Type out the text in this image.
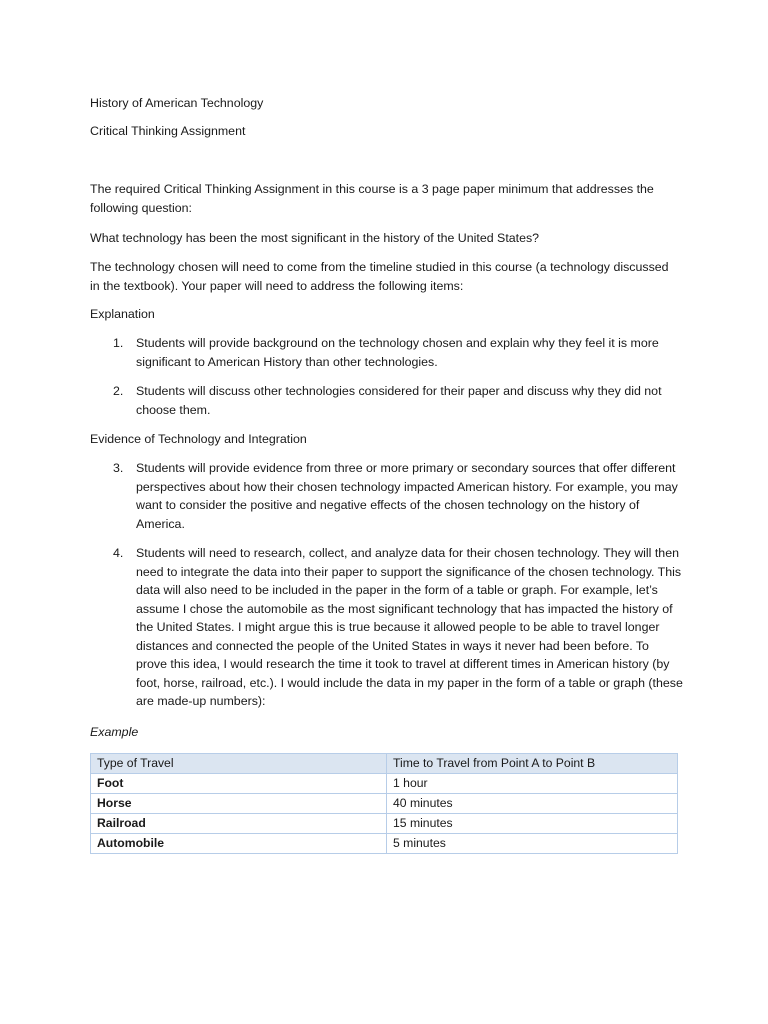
History of American Technology

Critical Thinking Assignment

The required Critical Thinking Assignment in this course is a 3 page paper minimum that addresses the following question:

What technology has been the most significant in the history of the United States?

The technology chosen will need to come from the timeline studied in this course (a technology discussed in the textbook). Your paper will need to address the following items:

Explanation

1.	Students will provide background on the technology chosen and explain why they feel it is more significant to American History than other technologies.
2.	Students will discuss other technologies considered for their paper and discuss why they did not choose them.

Evidence of Technology and Integration

3.	Students will provide evidence from three or more primary or secondary sources that offer different perspectives about how their chosen technology impacted American history. For example, you may want to consider the positive and negative effects of the chosen technology on the history of America.
4.	Students will need to research, collect, and analyze data for their chosen technology. They will then need to integrate the data into their paper to support the significance of the chosen technology. This data will also need to be included in the paper in the form of a table or graph. For example, let’s assume I chose the automobile as the most significant technology that has impacted the history of the United States. I might argue this is true because it allowed people to be able to travel longer distances and connected the people of the United States in ways it never had been before. To prove this idea, I would research the time it took to travel at different times in American history (by foot, horse, railroad, etc.). I would include the data in my paper in the form of a table or graph (these are made-up numbers):

Example

Type of Travel	Time to Travel from Point A to Point B
Foot	1 hour
Horse	40 minutes
Railroad	15 minutes
Automobile	5 minutes
